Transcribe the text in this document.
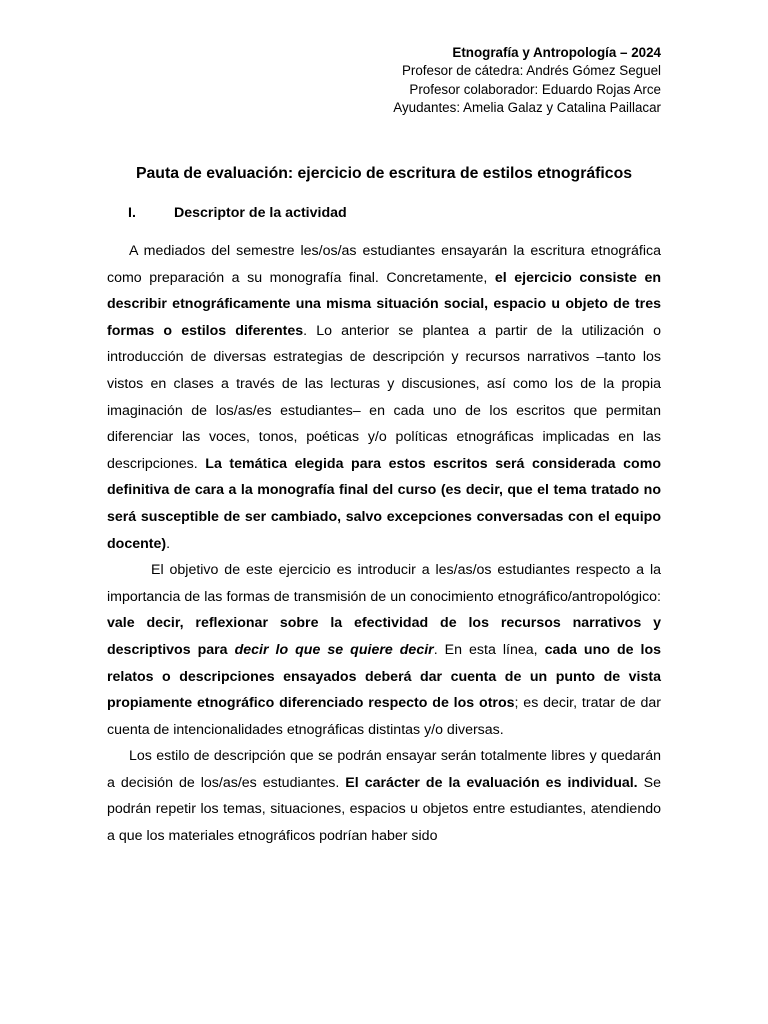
Etnografía y Antropología – 2024
Profesor de cátedra: Andrés Gómez Seguel
Profesor colaborador: Eduardo Rojas Arce
Ayudantes: Amelia Galaz y Catalina Paillacar
Pauta de evaluación: ejercicio de escritura de estilos etnográficos
I.	Descriptor de la actividad

A mediados del semestre les/os/as estudiantes ensayarán la escritura etnográfica como preparación a su monografía final. Concretamente, el ejercicio consiste en describir etnográficamente una misma situación social, espacio u objeto de tres formas o estilos diferentes. Lo anterior se plantea a partir de la utilización o introducción de diversas estrategias de descripción y recursos narrativos –tanto los vistos en clases a través de las lecturas y discusiones, así como los de la propia imaginación de los/as/es estudiantes– en cada uno de los escritos que permitan diferenciar las voces, tonos, poéticas y/o políticas etnográficas implicadas en las descripciones. La temática elegida para estos escritos será considerada como definitiva de cara a la monografía final del curso (es decir, que el tema tratado no será susceptible de ser cambiado, salvo excepciones conversadas con el equipo docente).

El objetivo de este ejercicio es introducir a les/as/os estudiantes respecto a la importancia de las formas de transmisión de un conocimiento etnográfico/antropológico: vale decir, reflexionar sobre la efectividad de los recursos narrativos y descriptivos para decir lo que se quiere decir. En esta línea, cada uno de los relatos o descripciones ensayados deberá dar cuenta de un punto de vista propiamente etnográfico diferenciado respecto de los otros; es decir, tratar de dar cuenta de intencionalidades etnográficas distintas y/o diversas.

Los estilo de descripción que se podrán ensayar serán totalmente libres y quedarán a decisión de los/as/es estudiantes. El carácter de la evaluación es individual. Se podrán repetir los temas, situaciones, espacios u objetos entre estudiantes, atendiendo a que los materiales etnográficos podrían haber sido
